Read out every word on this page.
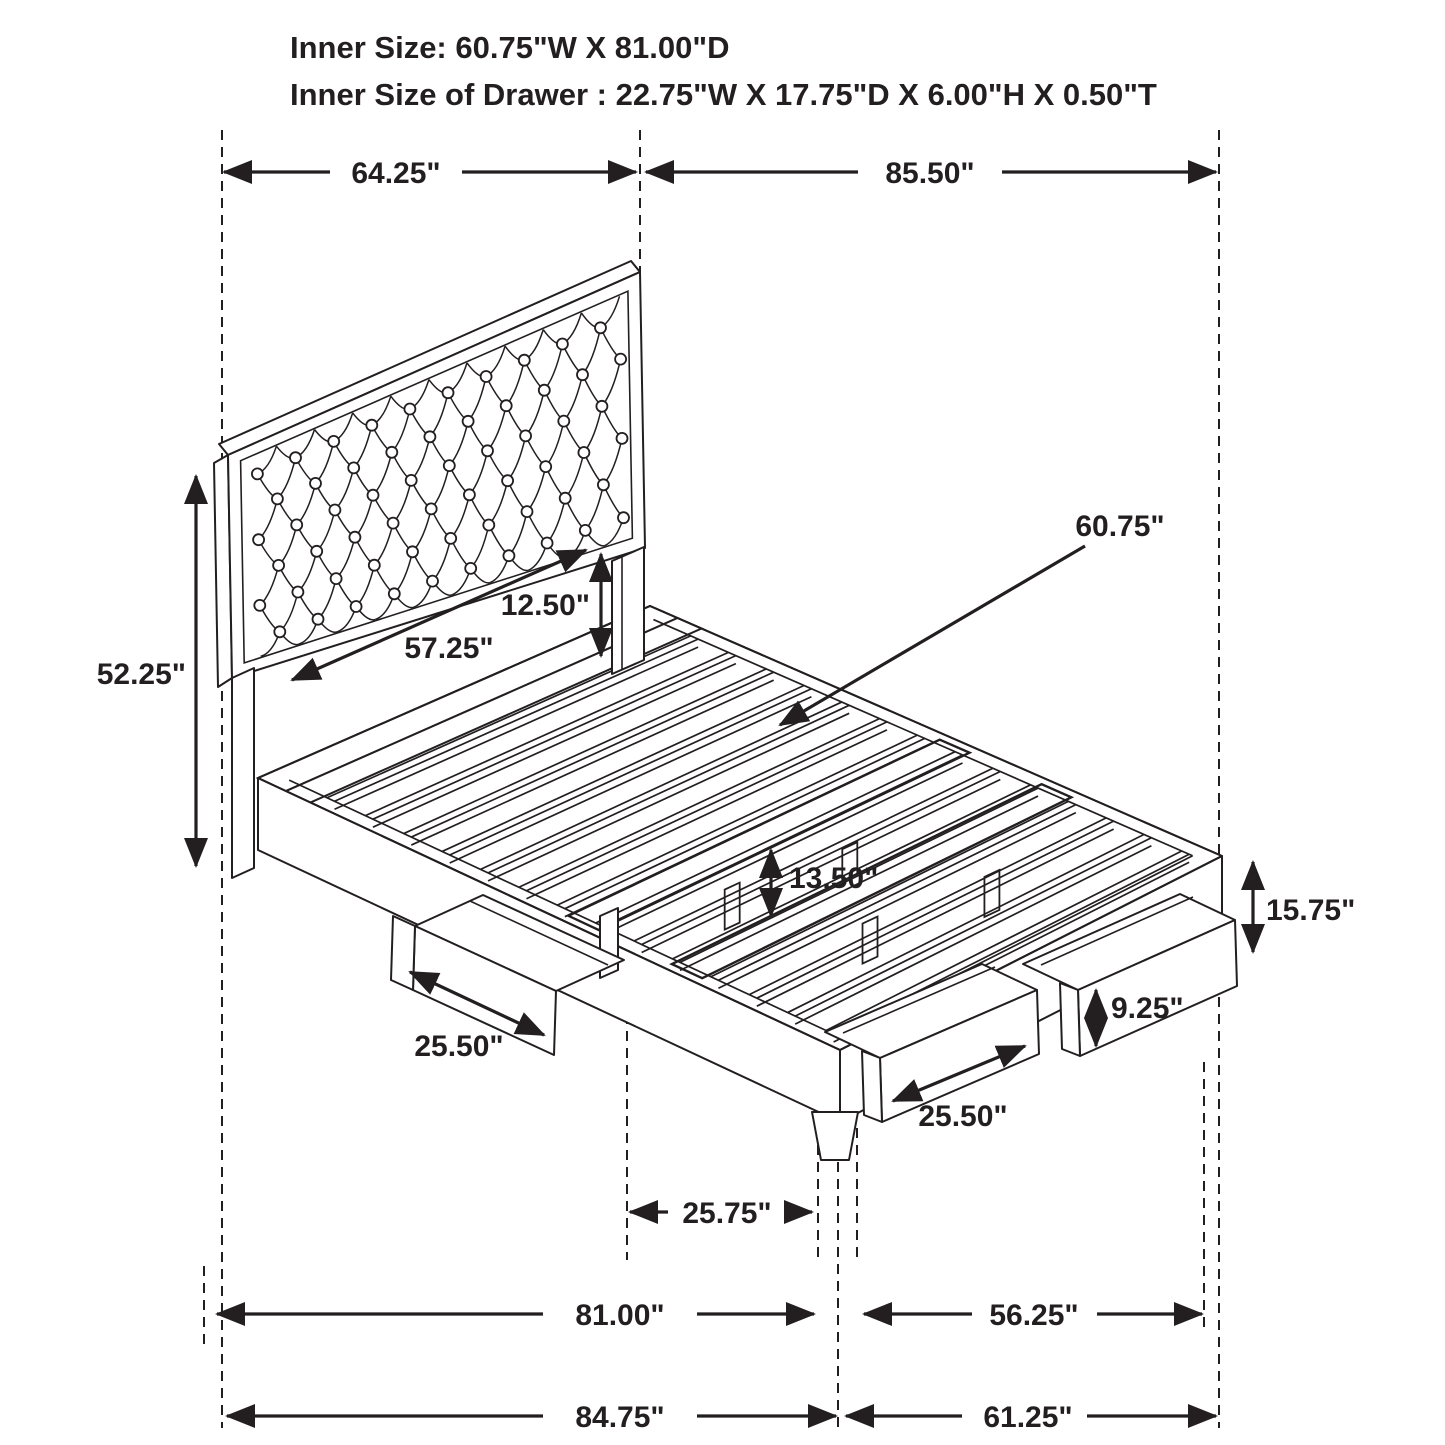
64.25"	85.50"
52.25"
12.50"
57.25"
60.75"
13.50"
15.75"
9.25"
25.50"
25.50"
25.75"
81.00"	56.25"
84.75"	61.25"
Inner Size: 60.75"W X 81.00"D
Inner Size of Drawer : 22.75"W X 17.75"D X 6.00"H X 0.50"T
